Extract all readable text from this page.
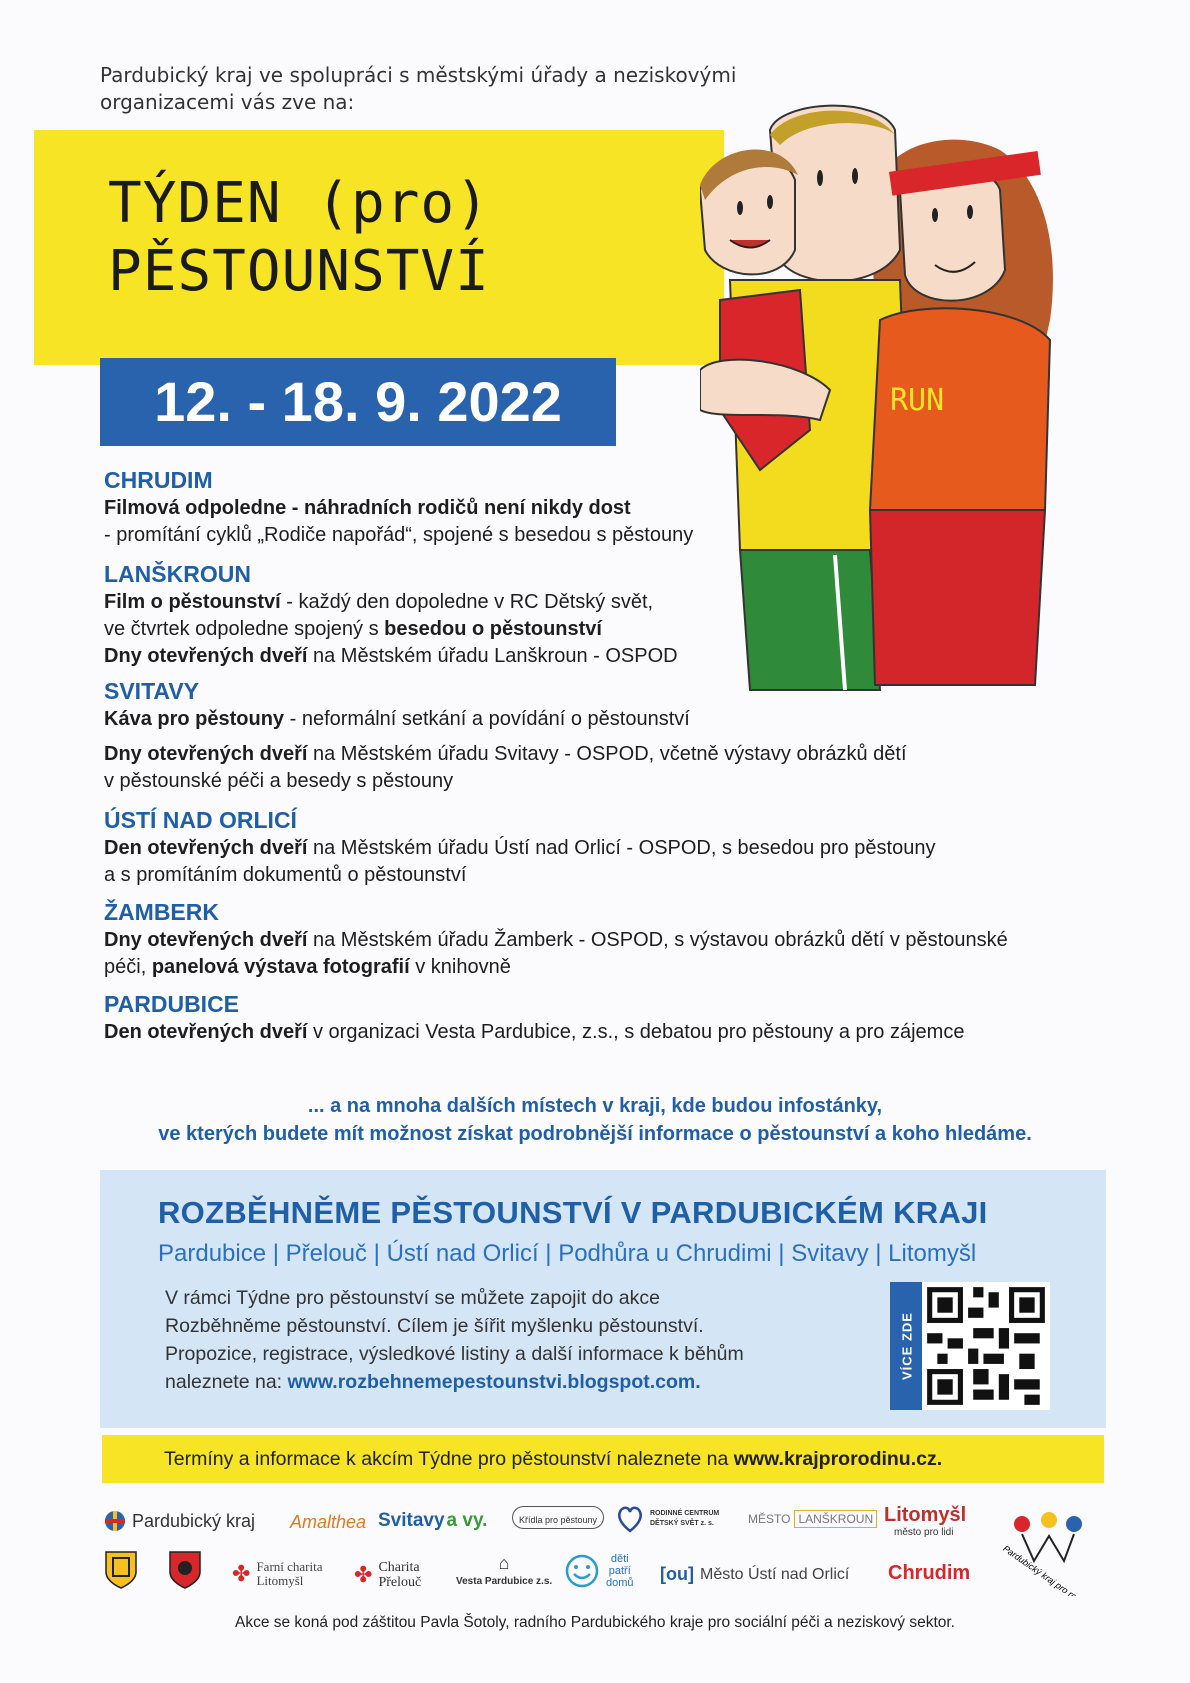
Pardubický kraj ve spolupráci s městskými úřady a neziskovými
organizacemi vás zve na:
TÝDEN (pro)
PĚSTOUNSTVÍ
RUN
12. - 18. 9. 2022
CHRUDIM
Filmová odpoledne - náhradních rodičů není nikdy dost
- promítání cyklů „Rodiče napořád“, spojené s besedou s pěstouny
LANŠKROUN
Film o pěstounství - každý den dopoledne v RC Dětský svět,
ve čtvrtek odpoledne spojený s besedou o pěstounství
Dny otevřených dveří na Městském úřadu Lanškroun - OSPOD
SVITAVY
Káva pro pěstouny - neformální setkání a povídání o pěstounství
Dny otevřených dveří na Městském úřadu Svitavy - OSPOD, včetně výstavy obrázků dětí
v pěstounské péči a besedy s pěstouny
ÚSTÍ NAD ORLICÍ
Den otevřených dveří na Městském úřadu Ústí nad Orlicí - OSPOD, s besedou pro pěstouny
a s promítáním dokumentů o pěstounství
ŽAMBERK
Dny otevřených dveří na Městském úřadu Žamberk - OSPOD, s výstavou obrázků dětí v pěstounské
péči, panelová výstava fotografií v knihovně
PARDUBICE
Den otevřených dveří v organizaci Vesta Pardubice, z.s., s debatou pro pěstouny a pro zájemce
... a na mnoha dalších místech v kraji, kde budou infostánky,
ve kterých budete mít možnost získat podrobnější informace o pěstounství a koho hledáme.
ROZBĚHNĚME PĚSTOUNSTVÍ V PARDUBICKÉM KRAJI
Pardubice | Přelouč | Ústí nad Orlicí | Podhůra u Chrudimi | Svitavy | Litomyšl
V rámci Týdne pro pěstounství se můžete zapojit do akce
Rozběhněme pěstounství. Cílem je šířit myšlenku pěstounství.
Propozice, registrace, výsledkové listiny a další informace k běhům
naleznete na: www.rozbehnemepestounstvi.blogspot.com.
VÍCE ZDE
Termíny a informace k akcím Týdne pro pěstounství naleznete na www.krajprorodinu.cz.
Pardubický kraj Amalthea Svitavy a vy.	Křídla pro pěstouny
RODINNÉ CENTRUM
DĚTSKÝ SVĚT z. s.	MĚSTO LANŠKROUN Litomyšl
město pro lidi
Pardubický kraj pro rodinu
✤ Farní charita
Litomyšl	✤ Charita
Přelouč
⌂
Vesta Pardubice z.s.
děti
patří
domů [ou] Město Ústí nad Orlicí Chrudim
Akce se koná pod záštitou Pavla Šotoly, radního Pardubického kraje pro sociální péči a neziskový sektor.
